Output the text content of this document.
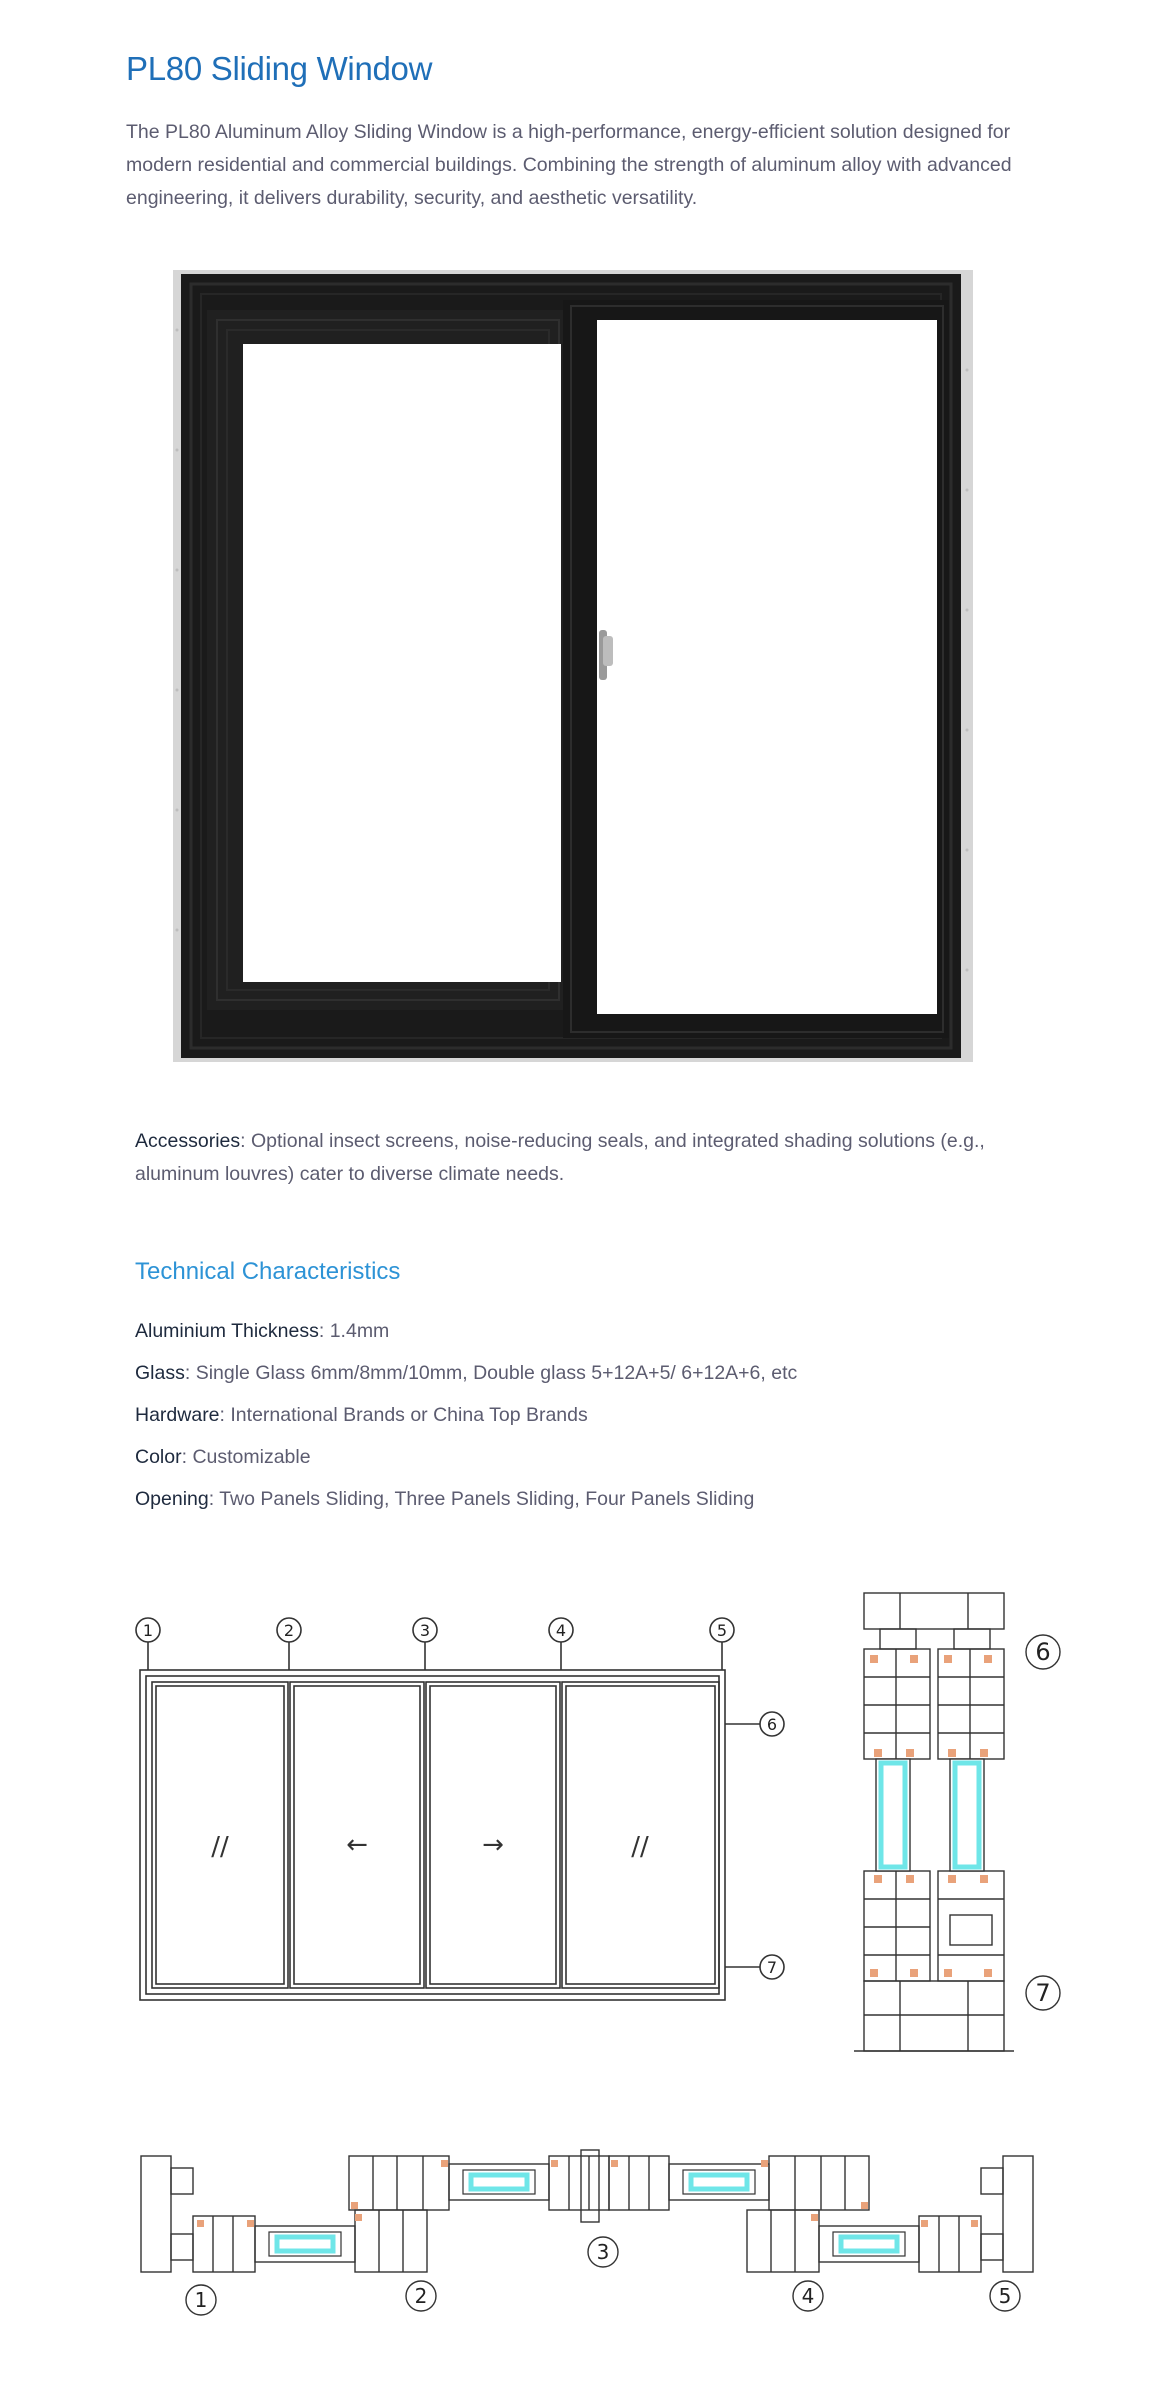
PL80 Sliding Window

The PL80 Aluminum Alloy Sliding Window is a high-performance, energy-efficient solution designed for modern residential and commercial buildings. Combining the strength of aluminum alloy with advanced engineering, it delivers durability, security, and aesthetic versatility.

Accessories: Optional insect screens, noise-reducing seals, and integrated shading solutions (e.g., aluminum louvres) cater to diverse climate needs.

Technical Characteristics
Aluminium Thickness: 1.4mm
Glass: Single Glass 6mm/8mm/10mm, Double glass 5+12A+5/ 6+12A+6, etc
Hardware: International Brands or China Top Brands
Color: Customizable
Opening: Two Panels Sliding, Three Panels Sliding, Four Panels Sliding
1	2	3	4	5
6
7
//	←	→	//
6
7
1	2
3
4	5
